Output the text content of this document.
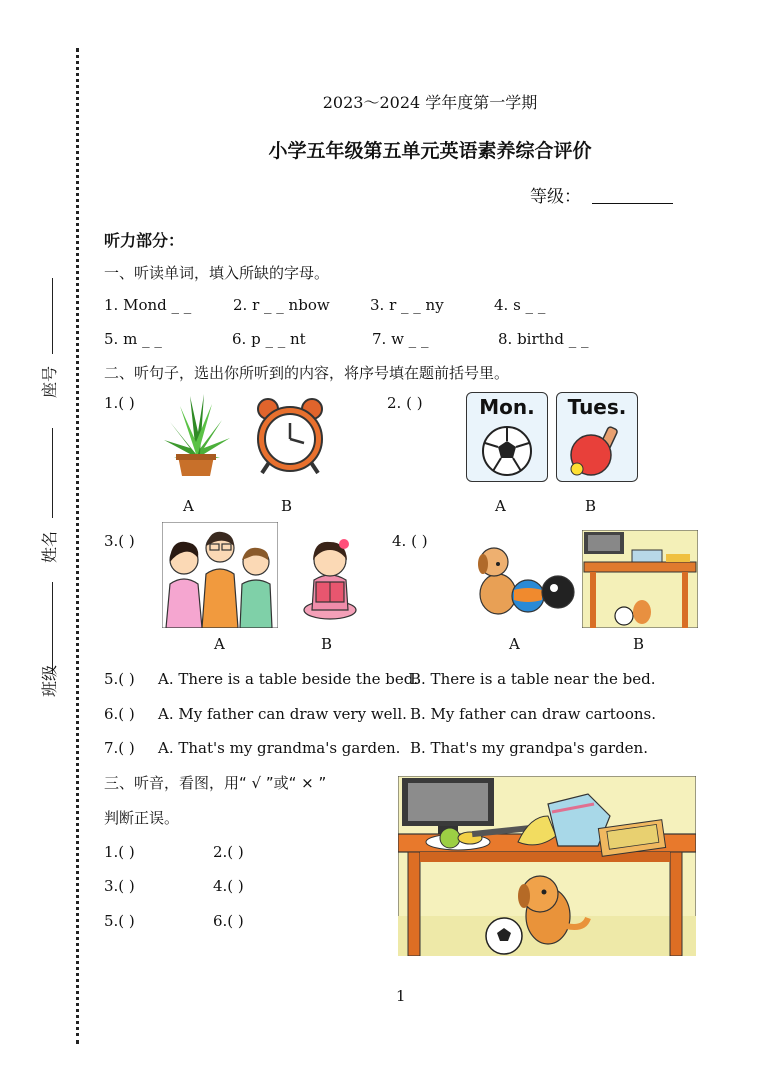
座号
姓名
班级
2023～2024 学年度第一学期
小学五年级第五单元英语素养综合评价
等级：
听力部分：
一、听读单词，填入所缺的字母。
1. Mond _ _	2. r _ _ nbow	3. r _ _ ny	4. s _ _
5. m _ _	6. p _ _ nt	7. w _ _	8. birthd _ _
二、听句子，选出你所听到的内容，将序号填在题前括号里。
1.( )
A	B
2. ( )	Mon.	Tues.
A	B
3.( )
A	B
4. ( )
A	B
5.( ) A. There is a table beside the bed.
B. There is a table near the bed.
6.( ) A. My father can draw very well. B. My father can draw cartoons.
7.( ) A. That's my grandma's garden. B. That's my grandpa's garden.
三、听音，看图，用“ √ ”或“ × ”
判断正误。
1.( )	2.( )
3.( )	4.( )
5.( )	6.( )
1
